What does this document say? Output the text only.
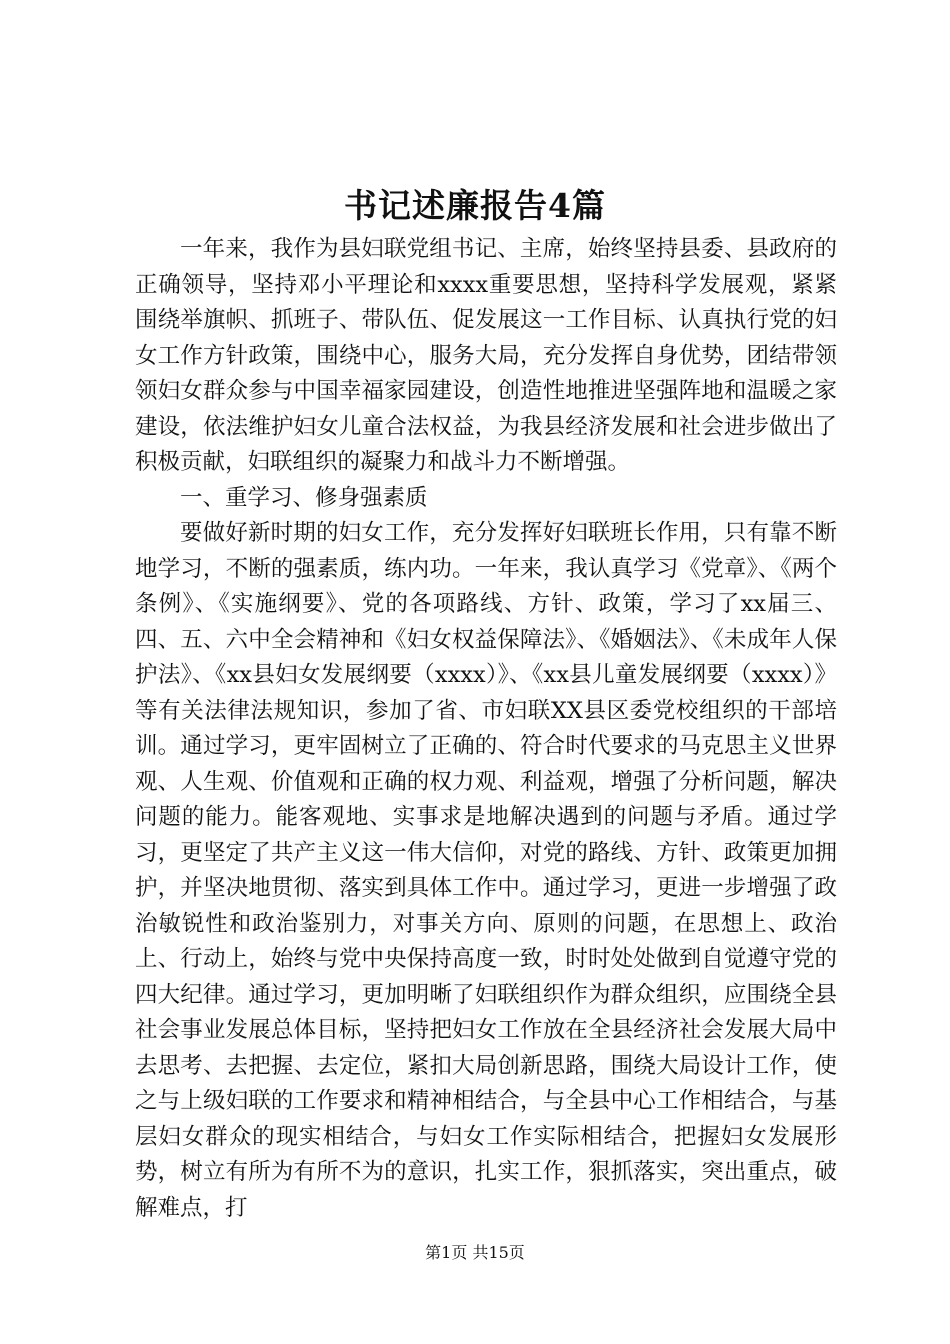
书记述廉报告4篇

一年来，我作为县妇联党组书记、主席，始终坚持县委、县政府的正确领导，坚持邓小平理论和xxxx重要思想，坚持科学发展观，紧紧围绕举旗帜、抓班子、带队伍、促发展这一工作目标、认真执行党的妇女工作方针政策，围绕中心，服务大局，充分发挥自身优势，团结带领领妇女群众参与中国幸福家园建设，创造性地推进坚强阵地和温暖之家建设，依法维护妇女儿童合法权益，为我县经济发展和社会进步做出了积极贡献，妇联组织的凝聚力和战斗力不断增强。

一、重学习、修身强素质

要做好新时期的妇女工作，充分发挥好妇联班长作用，只有靠不断地学习，不断的强素质，练内功。一年来，我认真学习《党章》、《两个条例》、《实施纲要》、党的各项路线、方针、政策，学习了xx届三、四、五、六中全会精神和《妇女权益保障法》、《婚姻法》、《未成年人保护法》、《xx县妇女发展纲要（xxxx）》、《xx县儿童发展纲要（xxxx）》等有关法律法规知识，参加了省、市妇联XX县区委党校组织的干部培训。通过学习，更牢固树立了正确的、符合时代要求的马克思主义世界观、人生观、价值观和正确的权力观、利益观，增强了分析问题，解决问题的能力。能客观地、实事求是地解决遇到的问题与矛盾。通过学习，更坚定了共产主义这一伟大信仰，对党的路线、方针、政策更加拥护，并坚决地贯彻、落实到具体工作中。通过学习，更进一步增强了政治敏锐性和政治鉴别力，对事关方向、原则的问题，在思想上、政治上、行动上，始终与党中央保持高度一致，时时处处做到自觉遵守党的四大纪律。通过学习，更加明晰了妇联组织作为群众组织，应围绕全县社会事业发展总体目标，坚持把妇女工作放在全县经济社会发展大局中去思考、去把握、去定位，紧扣大局创新思路，围绕大局设计工作，使之与上级妇联的工作要求和精神相结合，与全县中心工作相结合，与基层妇女群众的现实相结合，与妇女工作实际相结合，把握妇女发展形势，树立有所为有所不为的意识，扎实工作，狠抓落实，突出重点，破解难点，打

第1页 共15页
